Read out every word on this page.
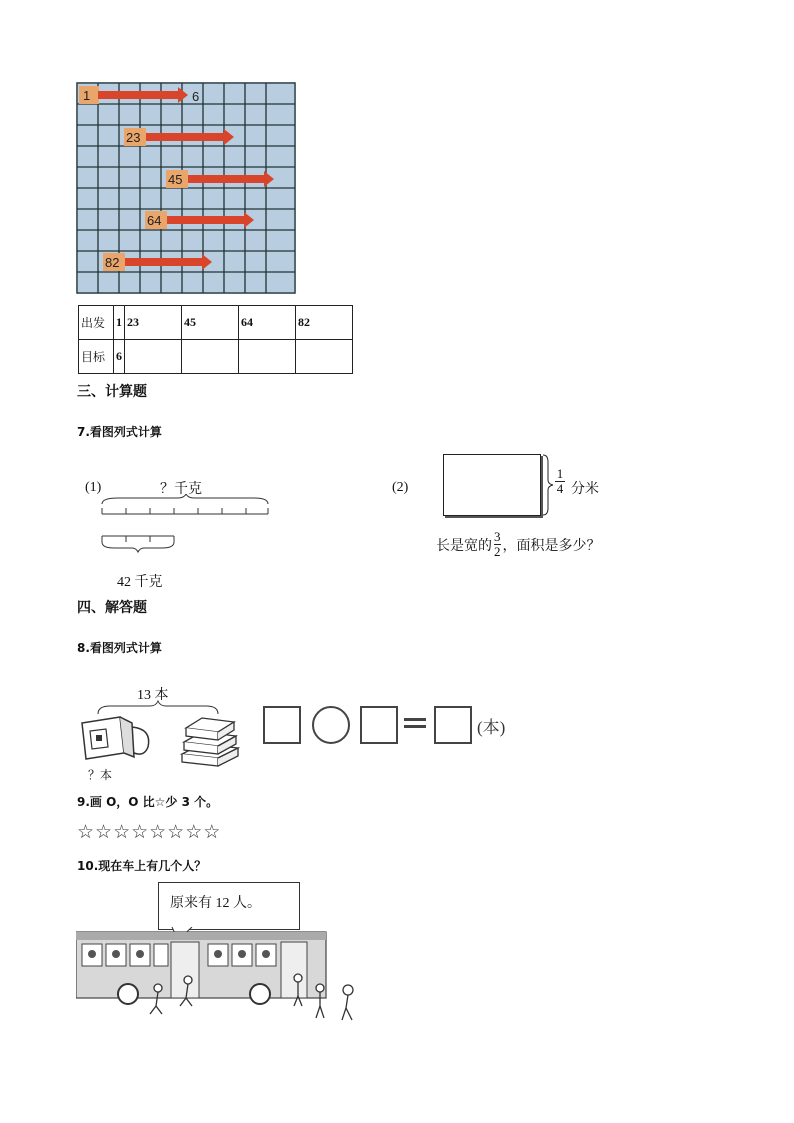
1	6
23
45
64
82
出发	1	23	45	64	82
目标	6				
三、计算题
7.看图列式计算
(1)	？千克
42 千克
(2)	$\frac{1}{4}$ 分米
长是宽的 $\frac{3}{2}$ ，面积是多少？
四、解答题
8.看图列式计算
13 本
？本
(本)
9.画 O，O 比☆少 3 个。
☆☆☆☆☆☆☆☆
10.现在车上有几个人？
原来有 12 人。
